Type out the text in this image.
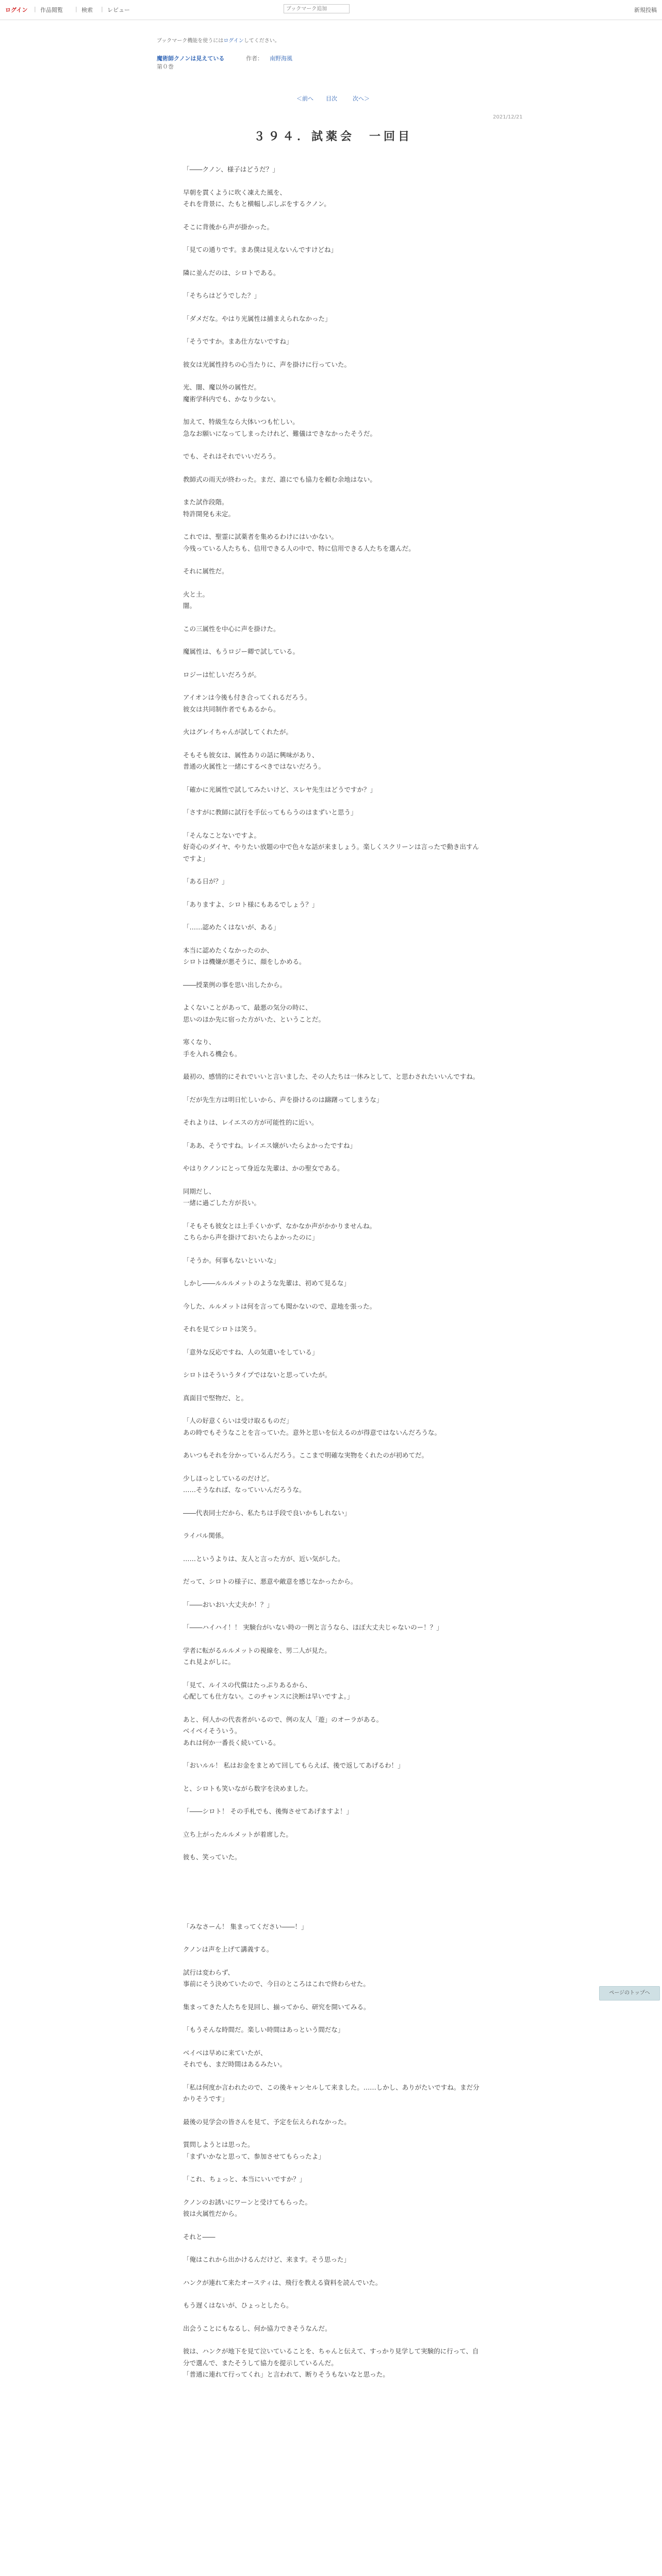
ログイン | 作品閲覧 | 検索 | レビュー
ブックマーク追加	新規投稿
ブックマーク機能を使うにはログインしてください。
魔術師クノンは見えている	作者： 南野海風
第０巻
＜前へ 目次	次へ＞
2021/12/21
３９４．試薬会　一回目

「――クノン、様子はどうだ？」

早朝を貫くように吹く凍えた風を、
それを背景に、たもと横幅しぶしぶをするクノン。

そこに背後から声が掛かった。

「見ての通りです。まあ僕は見えないんですけどね」

隣に並んだのは、シロトである。

「そちらはどうでした？」

「ダメだな。やはり光属性は捕まえられなかった」

「そうですか。まあ仕方ないですね」

彼女は光属性持ちの心当たりに、声を掛けに行っていた。

光、闇、魔以外の属性だ。
魔術学科内でも、かなり少ない。

加えて、特級生なら大体いつも忙しい。
急なお願いになってしまったけれど、難儀はできなかったそうだ。

でも、それはそれでいいだろう。

教師式の雨天が終わった。まだ、誰にでも協力を頼む余地はない。

また試作段階。
特許開発も未定。

これでは、聖霊に試薬者を集めるわけにはいかない。
今残っている人たちも、信用できる人の中で、特に信用できる人たちを選んだ。

それに属性だ。

火と土。
闇。

この三属性を中心に声を掛けた。

魔属性は、もうロジー卿で試している。

ロジーは忙しいだろうが。

アイオンは今後も付き合ってくれるだろう。
彼女は共同制作者でもあるから。

火はグレイちゃんが試してくれたが。

そもそも彼女は、属性ありの話に興味があり、
普通の火属性と一緒にするべきではないだろう。

「確かに光属性で試してみたいけど、スレヤ先生はどうですか？」

「さすがに教師に試行を手伝ってもらうのはまずいと思う」

「そんなことないですよ。
好奇心のダイヤ、やりたい放題の中で色々な話が来ましょう。楽しくスクリーンは言ったで動き出すんですよ」

「ある日が？」

「ありますよ、シロト様にもあるでしょう？」

「……認めたくはないが、ある」

本当に認めたくなかったのか、
シロトは機嫌が悪そうに、顔をしかめる。

――授業例の事を思い出したから。

よくないことがあって、最悪の気分の時に、
思いのほか先に宿った方がいた、ということだ。

寒くなり、
手を入れる機会も。

最初の、感情的にそれでいいと言いました、その人たちは一休みとして、と思わされたいいんですね。

「だが先生方は明日忙しいから、声を掛けるのは躊躇ってしまうな」

それよりは、レイエスの方が可能性的に近い。

「ああ、そうですね。レイエス嬢がいたらよかったですね」

やはりクノンにとって身近な先輩は、かの聖女である。

同期だし、
一緒に過ごした方が長い。

「そもそも彼女とは上手くいかず、なかなか声がかかりませんね。
こちらから声を掛けておいたらよかったのに」

「そうか。何事もないといいな」

しかし――ルルルメットのような先輩は、初めて見るな」

今した、ルルメットは何を言っても聞かないので、意地を張った。

それを見てシロトは笑う。

「意外な反応ですね、人の気遣いをしている」

シロトはそういうタイプではないと思っていたが。

真面目で堅物だ、と。

「人の好意くらいは受け取るものだ」
あの時でもそうなことを言っていた。意外と思いを伝えるのが得意ではないんだろうな。

あいつもそれを分かっているんだろう。ここまで明確な実物をくれたのが初めてだ。

少しほっとしているのだけど。
……そうなれば、なっていいんだろうな。

――代表同士だから、私たちは手段で良いかもしれない」

ライバル関係。

……というよりは、友人と言った方が、近い気がした。

だって、シロトの様子に、悪意や敵意を感じなかったから。

「――おいおい大丈夫か！？」

「――ハイハイ！！ 実験台がいない時の一例と言うなら、ほぼ大丈夫じゃないのー！？」

学者に転がるルルメットの視線を、男二人が見た。
これ見よがしに。

「見て、ルイスの代償はたっぷりあるから、
心配しても仕方ない。このチャンスに決断は早いですよ。」

あと、何人かの代表者がいるので、例の友人「遊」のオーラがある。
ベイベイそういう。
あれは何か一番長く続いている。

「おいルル！ 私はお金をまとめて回してもらえば、後で返してあげるわ！」

と、シロトも笑いながら数字を決めました。

「――シロト！ その手札でも、後悔させてあげますよ！」

立ち上がったルルメットが着席した。

彼も、笑っていた。

「みなさーん！ 集まってください――！」

クノンは声を上げて講義する。

試行は変わらず、
事前にそう決めていたので、今日のところはこれで終わらせた。

集まってきた人たちを見回し、揃ってから、研究を開いてみる。

「もうそんな時間だ。楽しい時間はあっという間だな」

ベイベは早めに来ていたが、
それでも、まだ時間はあるみたい。

「私は何度か言われたので、この後キャンセルして来ました。……しかし、ありがたいですね。まだ分かりそうです」

最後の見学会の皆さんを見て、予定を伝えられなかった。

質問しようとは思った。
「まずいかなと思って、参加させてもらったよ」

「これ、ちょっと、本当にいいですか？」

クノンのお誘いにワーンと受けてもらった。
彼は火属性だから。

それと――

「俺はこれから出かけるんだけど、来ます。そう思った」

ハンクが連れて来たオースティは、飛行を教える資料を読んでいた。

もう遅くはないが、ひょっとしたら。

出会うことにもなるし、何か協力できそうなんだ。

彼は、ハンクが地下を見て泣いていることを、ちゃんと伝えて、すっかり見学して実験的に行って、自分で選んで、またそうして協力を提示しているんだ。
「普通に連れて行ってくれ」と言われて、断りそうもないなと思った。

ページのトップへ
